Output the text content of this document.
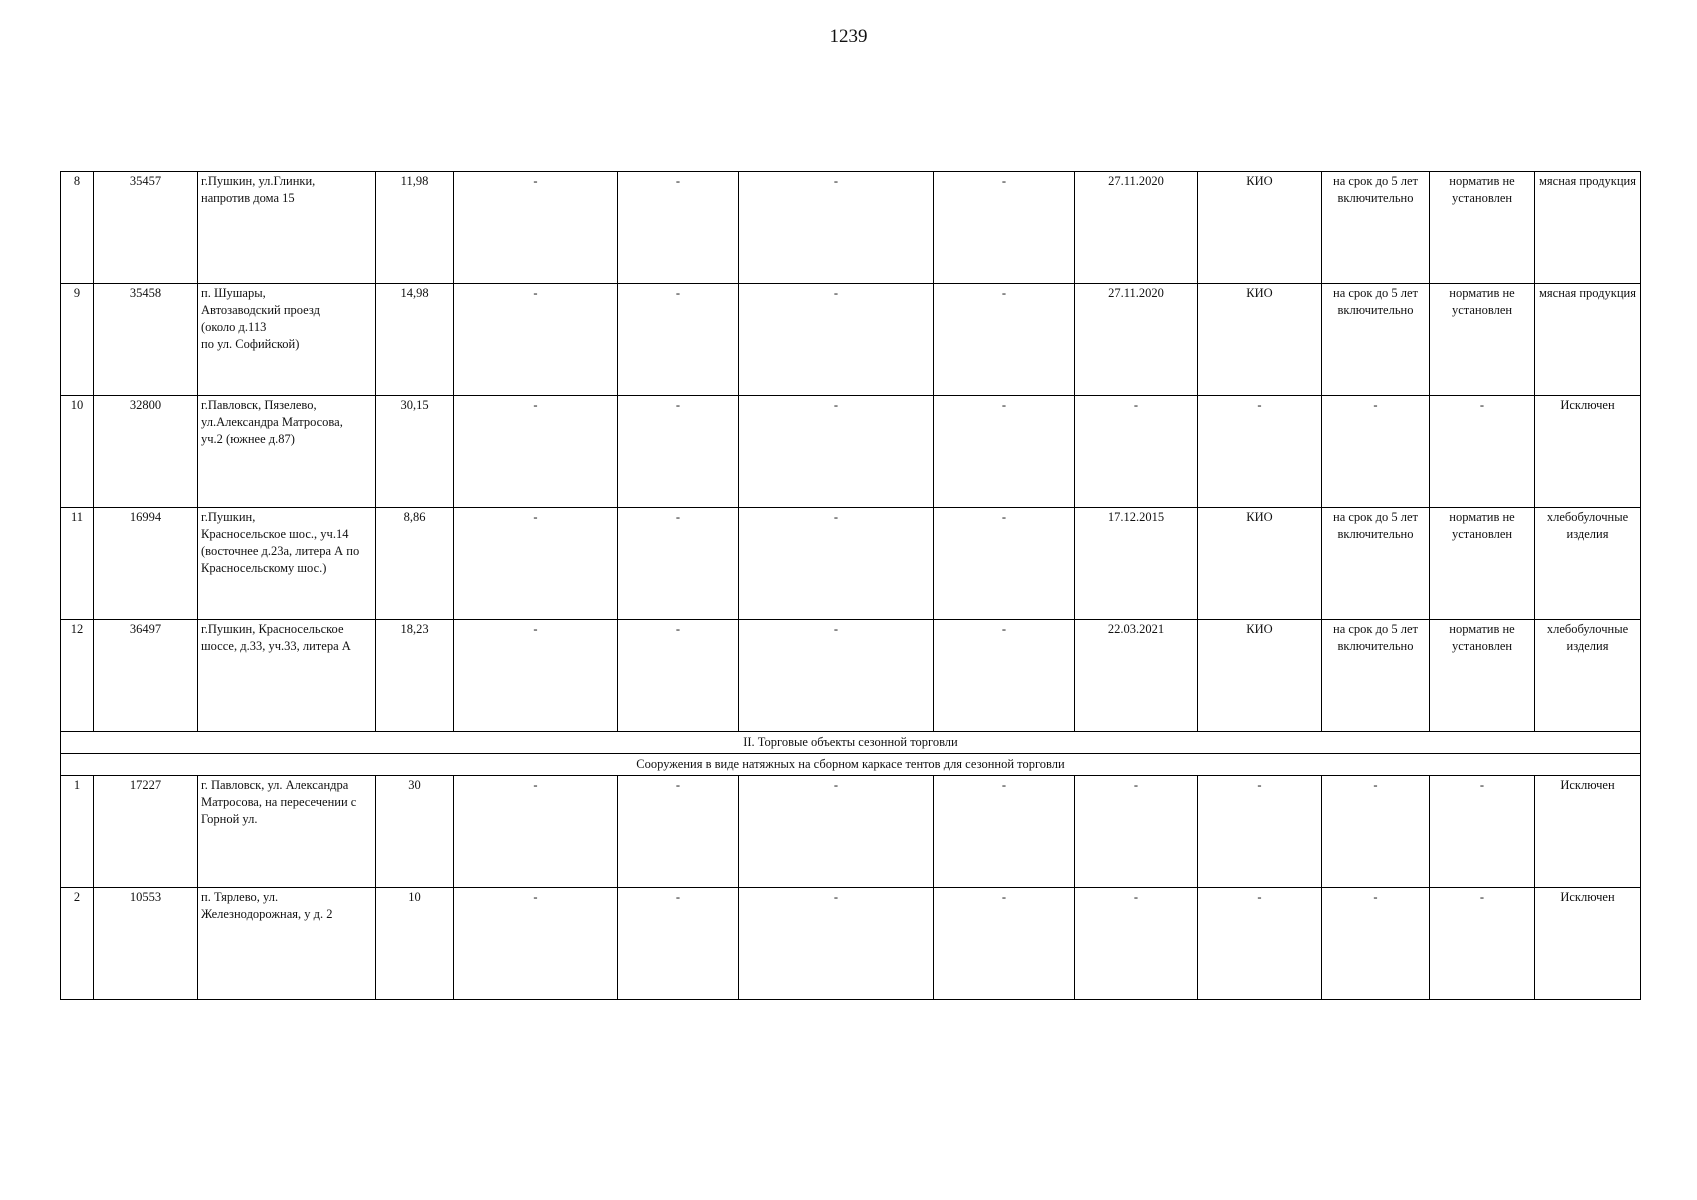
1239
8	35457	г.Пушкин, ул.Глинки,
напротив дома 15	11,98	-	-	-	-	27.11.2020	КИО	на срок до 5 лет включительно	норматив не установлен	мясная продукция
9	35458	п. Шушары,
Автозаводский проезд
(около д.113
по ул. Софийской)	14,98	-	-	-	-	27.11.2020	КИО	на срок до 5 лет включительно	норматив не установлен	мясная продукция
10	32800	г.Павловск, Пязелево,
ул.Александра Матросова,
уч.2 (южнее д.87)	30,15	-	-	-	-	-	-	-	-	Исключен
11	16994	г.Пушкин,
Красносельское шос., уч.14 (восточнее д.23а, литера А по Красносельскому шос.)	8,86	-	-	-	-	17.12.2015	КИО	на срок до 5 лет включительно	норматив не установлен	хлебобулочные изделия
12	36497	г.Пушкин, Красносельское шоссе, д.33, уч.33, литера А	18,23	-	-	-	-	22.03.2021	КИО	на срок до 5 лет включительно	норматив не установлен	хлебобулочные изделия
II. Торговые объекты сезонной торговли												
Сооружения в виде натяжных на сборном каркасе тентов для сезонной торговли												
1	17227	г. Павловск, ул. Александра Матросова, на пересечении с Горной ул.	30	-	-	-	-	-	-	-	-	Исключен
2	10553	п. Тярлево, ул.
Железнодорожная, у д. 2	10	-	-	-	-	-	-	-	-	Исключен
